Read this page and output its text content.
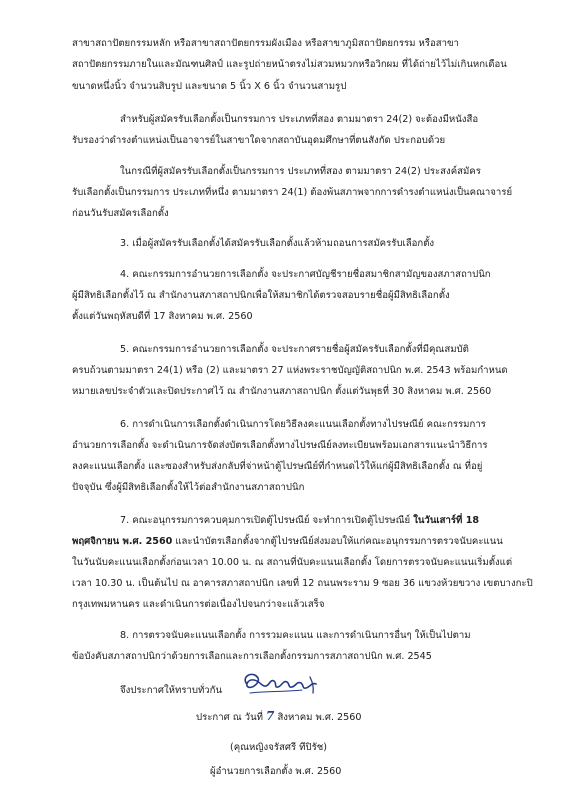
สาขาสถาปัตยกรรมหลัก หรือสาขาสถาปัตยกรรมผังเมือง หรือสาขาภูมิสถาปัตยกรรม หรือสาขา

สถาปัตยกรรมภายในและมัณฑนศิลป์ และรูปถ่ายหน้าตรงไม่สวมหมวกหรือวิกผม ที่ได้ถ่ายไว้ไม่เกินหกเดือน

ขนาดหนึ่งนิ้ว จำนวนสิบรูป และขนาด 5 นิ้ว X 6 นิ้ว จำนวนสามรูป

สำหรับผู้สมัครรับเลือกตั้งเป็นกรรมการ ประเภทที่สอง ตามมาตรา 24(2) จะต้องมีหนังสือ

รับรองว่าดำรงตำแหน่งเป็นอาจารย์ในสาขาใดจากสถาบันอุดมศึกษาที่ตนสังกัด ประกอบด้วย

ในกรณีที่ผู้สมัครรับเลือกตั้งเป็นกรรมการ ประเภทที่สอง ตามมาตรา 24(2) ประสงค์สมัคร

รับเลือกตั้งเป็นกรรมการ ประเภทที่หนึ่ง ตามมาตรา 24(1) ต้องพ้นสภาพจากการดำรงตำแหน่งเป็นคณาจารย์

ก่อนวันรับสมัครเลือกตั้ง

3. เมื่อผู้สมัครรับเลือกตั้งได้สมัครรับเลือกตั้งแล้วห้ามถอนการสมัครรับเลือกตั้ง

4. คณะกรรมการอำนวยการเลือกตั้ง จะประกาศบัญชีรายชื่อสมาชิกสามัญของสภาสถาปนิก

ผู้มีสิทธิเลือกตั้งไว้ ณ สำนักงานสภาสถาปนิกเพื่อให้สมาชิกได้ตรวจสอบรายชื่อผู้มีสิทธิเลือกตั้ง

ตั้งแต่วันพฤหัสบดีที่ 17 สิงหาคม พ.ศ. 2560

5. คณะกรรมการอำนวยการเลือกตั้ง จะประกาศรายชื่อผู้สมัครรับเลือกตั้งที่มีคุณสมบัติ

ครบถ้วนตามมาตรา 24(1) หรือ (2) และมาตรา 27 แห่งพระราชบัญญัติสถาปนิก พ.ศ. 2543 พร้อมกำหนด

หมายเลขประจำตัวและปิดประกาศไว้ ณ สำนักงานสภาสถาปนิก ตั้งแต่วันพุธที่ 30 สิงหาคม พ.ศ. 2560

6. การดำเนินการเลือกตั้งดำเนินการโดยวิธีลงคะแนนเลือกตั้งทางไปรษณีย์ คณะกรรมการ

อำนวยการเลือกตั้ง จะดำเนินการจัดส่งบัตรเลือกตั้งทางไปรษณีย์ลงทะเบียนพร้อมเอกสารแนะนำวิธีการ

ลงคะแนนเลือกตั้ง และซองสำหรับส่งกลับที่จ่าหน้าตู้ไปรษณีย์ที่กำหนดไว้ให้แก่ผู้มีสิทธิเลือกตั้ง ณ ที่อยู่

ปัจจุบัน ซึ่งผู้มีสิทธิเลือกตั้งให้ไว้ต่อสำนักงานสภาสถาปนิก

7. คณะอนุกรรมการควบคุมการเปิดตู้ไปรษณีย์ จะทำการเปิดตู้ไปรษณีย์ ในวันเสาร์ที่ 18

พฤศจิกายน พ.ศ. 2560 และนำบัตรเลือกตั้งจากตู้ไปรษณีย์ส่งมอบให้แก่คณะอนุกรรมการตรวจนับคะแนน

ในวันนับคะแนนเลือกตั้งก่อนเวลา 10.00 น. ณ สถานที่นับคะแนนเลือกตั้ง โดยการตรวจนับคะแนนเริ่มตั้งแต่

เวลา 10.30 น. เป็นต้นไป ณ อาคารสภาสถาปนิก เลขที่ 12 ถนนพระราม 9 ซอย 36 แขวงห้วยขวาง เขตบางกะปิ

กรุงเทพมหานคร และดำเนินการต่อเนื่องไปจนกว่าจะแล้วเสร็จ

8. การตรวจนับคะแนนเลือกตั้ง การรวมคะแนน และการดำเนินการอื่นๆ ให้เป็นไปตาม

ข้อบังคับสภาสถาปนิกว่าด้วยการเลือกและการเลือกตั้งกรรมการสภาสถาปนิก พ.ศ. 2545

จึงประกาศให้ทราบทั่วกัน

ประกาศ ณ วันที่ 7 สิงหาคม พ.ศ. 2560

(คุณหญิงจรัสศรี ทีปิรัช)

ผู้อำนวยการเลือกตั้ง พ.ศ. 2560
